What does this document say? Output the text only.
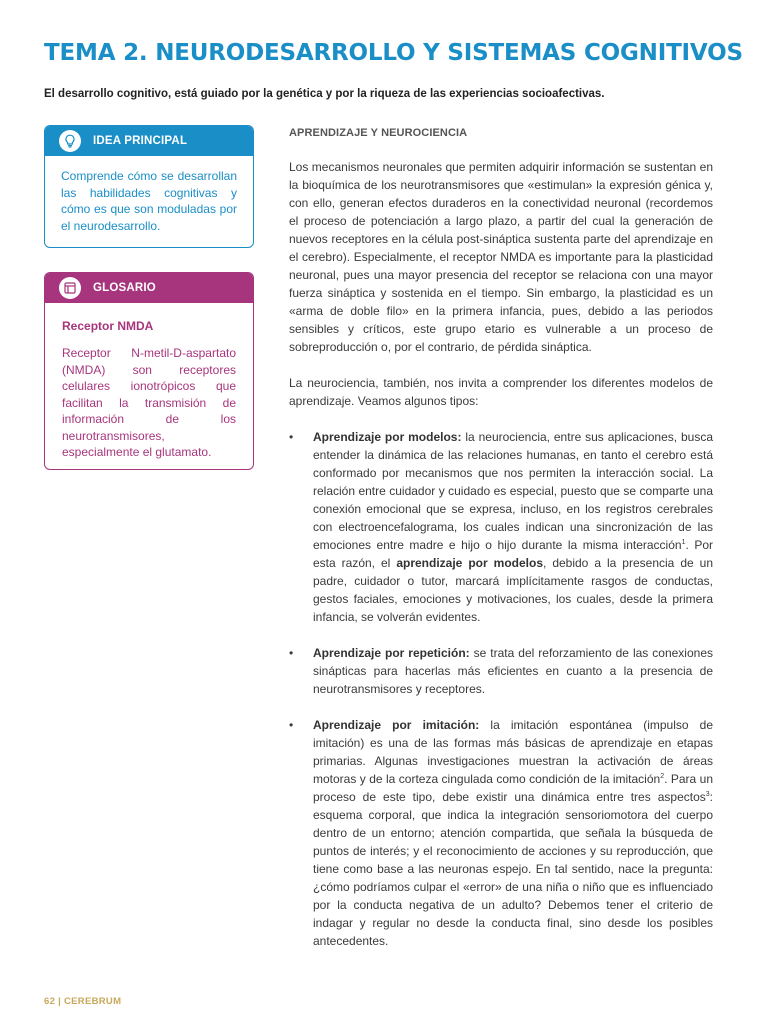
TEMA 2. NEURODESARROLLO Y SISTEMAS COGNITIVOS

El desarrollo cognitivo, está guiado por la genética y por la riqueza de las experiencias socioafectivas.

IDEA PRINCIPAL
Comprende cómo se desarrollan las habilidades cognitivas y cómo es que son moduladas por el neurodesarrollo.
GLOSARIO
Receptor NMDA
Receptor N-metil-D-aspartato (NMDA) son receptores celulares ionotrópicos que facilitan la transmisión de información de los neurotransmisores, especialmente el glutamato.
APRENDIZAJE Y NEUROCIENCIA

Los mecanismos neuronales que permiten adquirir información se sustentan en la bioquímica de los neurotransmisores que «estimulan» la expresión génica y, con ello, generan efectos duraderos en la conectividad neuronal (recordemos el proceso de potenciación a largo plazo, a partir del cual la generación de nuevos receptores en la célula post-sináptica sustenta parte del aprendizaje en el cerebro). Especialmente, el receptor NMDA es importante para la plasticidad neuronal, pues una mayor presencia del receptor se relaciona con una mayor fuerza sináptica y sostenida en el tiempo. Sin embargo, la plasticidad es un «arma de doble filo» en la primera infancia, pues, debido a las periodos sensibles y críticos, este grupo etario es vulnerable a un proceso de sobreproducción o, por el contrario, de pérdida sináptica.

La neurociencia, también, nos invita a comprender los diferentes modelos de aprendizaje. Veamos algunos tipos:

• Aprendizaje por modelos: la neurociencia, entre sus aplicaciones, busca entender la dinámica de las relaciones humanas, en tanto el cerebro está conformado por mecanismos que nos permiten la interacción social. La relación entre cuidador y cuidado es especial, puesto que se comparte una conexión emocional que se expresa, incluso, en los registros cerebrales con electroencefalograma, los cuales indican una sincronización de las emociones entre madre e hijo o hijo durante la misma interacción$^1$. Por esta razón, el aprendizaje por modelos, debido a la presencia de un padre, cuidador o tutor, marcará implícitamente rasgos de conductas, gestos faciales, emociones y motivaciones, los cuales, desde la primera infancia, se volverán evidentes.
• Aprendizaje por repetición: se trata del reforzamiento de las conexiones sinápticas para hacerlas más eficientes en cuanto a la presencia de neurotransmisores y receptores.
• Aprendizaje por imitación: la imitación espontánea (impulso de imitación) es una de las formas más básicas de aprendizaje en etapas primarias. Algunas investigaciones muestran la activación de áreas motoras y de la corteza cingulada como condición de la imitación$^2$. Para un proceso de este tipo, debe existir una dinámica entre tres aspectos$^3$: esquema corporal, que indica la integración sensoriomotora del cuerpo dentro de un entorno; atención compartida, que señala la búsqueda de puntos de interés; y el reconocimiento de acciones y su reproducción, que tiene como base a las neuronas espejo. En tal sentido, nace la pregunta: ¿cómo podríamos culpar el «error» de una niña o niño que es influenciado por la conducta negativa de un adulto? Debemos tener el criterio de indagar y regular no desde la conducta final, sino desde los posibles antecedentes.
62 | CEREBRUM
